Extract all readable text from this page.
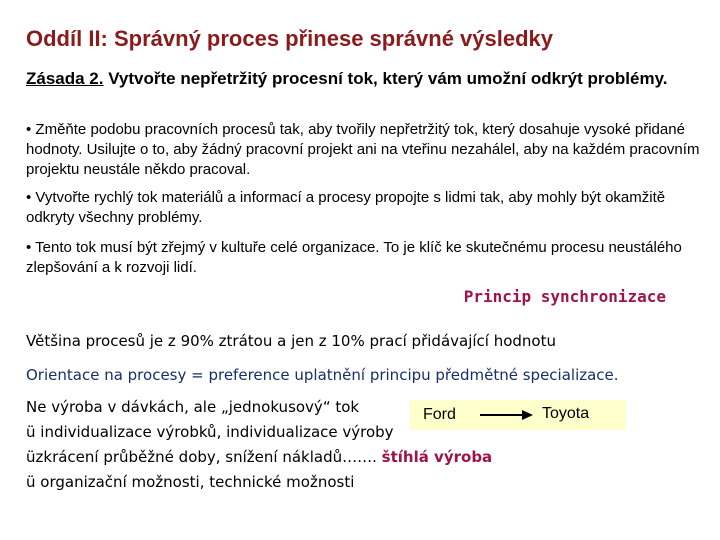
Oddíl II: Správný proces přinese správné výsledky
Zásada 2. Vytvořte nepřetržitý procesní tok, který vám umožní odkrýt problémy.
• Změňte podobu pracovních procesů tak, aby tvořily nepřetržitý tok, který dosahuje vysoké přidané hodnoty. Usilujte o to, aby žádný pracovní projekt ani na vteřinu nezahálel, aby na každém pracovním projektu neustále někdo pracoval.
• Vytvořte rychlý tok materiálů a informací a procesy propojte s lidmi tak, aby mohly být okamžitě odkryty všechny problémy.
• Tento tok musí být zřejmý v kultuře celé organizace. To je klíč ke skutečnému procesu neustálého zlepšování a k rozvoji lidí.
Princip synchronizace
Většina procesů je z 90% ztrátou a jen z 10% prací přidávající hodnotu
Orientace na procesy = preference uplatnění principu předmětné specializace.
Ne výroba v dávkách, ale „jednokusový“ tok
ü individualizace výrobků, individualizace výroby
üzkrácení průběžné doby, snížení nákladů……. štíhlá výroba
ü organizační možnosti, technické možnosti
Ford	Toyota
